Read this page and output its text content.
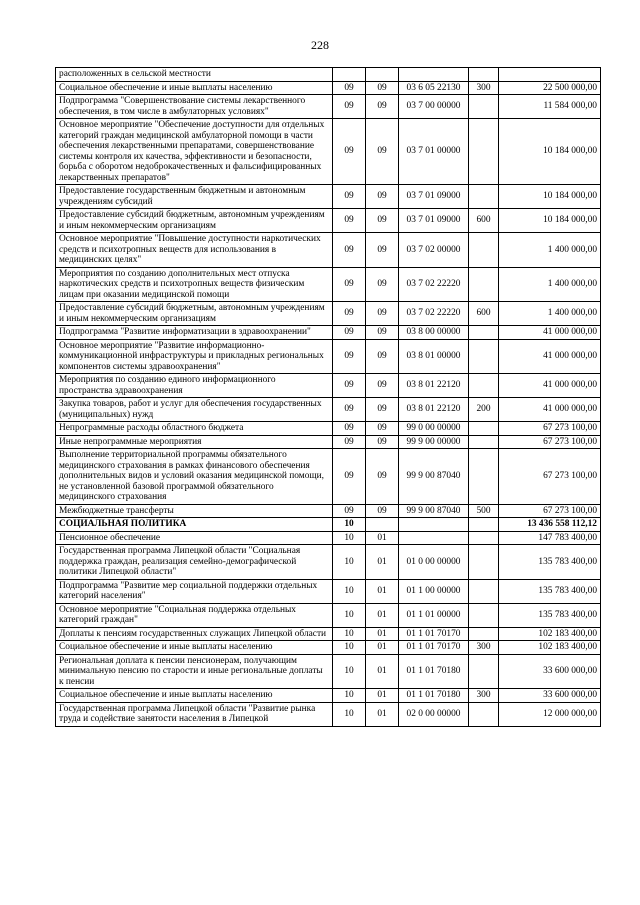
228
расположенных в сельской местности					
Социальное обеспечение и иные выплаты населению	09	09	03 6 05 22130	300	22 500 000,00
Подпрограмма "Совершенствование системы лекарственного обеспечения, в том числе в амбулаторных условиях"	09	09	03 7 00 00000		11 584 000,00
Основное мероприятие "Обеспечение доступности для отдельных категорий граждан медицинской амбулаторной помощи в части обеспечения лекарственными препаратами, совершенствование системы контроля их качества, эффективности и безопасности, борьба с оборотом недоброкачественных и фальсифицированных лекарственных препаратов"	09	09	03 7 01 00000		10 184 000,00
Предоставление государственным бюджетным и автономным учреждениям субсидий	09	09	03 7 01 09000		10 184 000,00
Предоставление субсидий бюджетным, автономным учреждениям и иным некоммерческим организациям	09	09	03 7 01 09000	600	10 184 000,00
Основное мероприятие "Повышение доступности наркотических средств и психотропных веществ для использования в медицинских целях"	09	09	03 7 02 00000		1 400 000,00
Мероприятия по созданию дополнительных мест отпуска наркотических средств и психотропных веществ физическим лицам при оказании медицинской помощи	09	09	03 7 02 22220		1 400 000,00
Предоставление субсидий бюджетным, автономным учреждениям и иным некоммерческим организациям	09	09	03 7 02 22220	600	1 400 000,00
Подпрограмма "Развитие информатизации в здравоохранении"	09	09	03 8 00 00000		41 000 000,00
Основное мероприятие "Развитие информационно-коммуникационной инфраструктуры и прикладных региональных компонентов системы здравоохранения"	09	09	03 8 01 00000		41 000 000,00
Мероприятия по созданию единого информационного пространства здравоохранения	09	09	03 8 01 22120		41 000 000,00
Закупка товаров, работ и услуг для обеспечения государственных (муниципальных) нужд	09	09	03 8 01 22120	200	41 000 000,00
Непрограммные расходы областного бюджета	09	09	99 0 00 00000		67 273 100,00
Иные непрограммные мероприятия	09	09	99 9 00 00000		67 273 100,00
Выполнение территориальной программы обязательного медицинского страхования в рамках финансового обеспечения дополнительных видов и условий оказания медицинской помощи, не установленной базовой программой обязательного медицинского страхования	09	09	99 9 00 87040		67 273 100,00
Межбюджетные трансферты	09	09	99 9 00 87040	500	67 273 100,00
СОЦИАЛЬНАЯ ПОЛИТИКА	10				13 436 558 112,12
Пенсионное обеспечение	10	01			147 783 400,00
Государственная программа Липецкой области "Социальная поддержка граждан, реализация семейно-демографической политики Липецкой области"	10	01	01 0 00 00000		135 783 400,00
Подпрограмма "Развитие мер социальной поддержки отдельных категорий населения"	10	01	01 1 00 00000		135 783 400,00
Основное мероприятие "Социальная поддержка отдельных категорий граждан"	10	01	01 1 01 00000		135 783 400,00
Доплаты к пенсиям государственных служащих Липецкой области	10	01	01 1 01 70170		102 183 400,00
Социальное обеспечение и иные выплаты населению	10	01	01 1 01 70170	300	102 183 400,00
Региональная доплата к пенсии пенсионерам, получающим минимальную пенсию по старости и иные региональные доплаты к пенсии	10	01	01 1 01 70180		33 600 000,00
Социальное обеспечение и иные выплаты населению	10	01	01 1 01 70180	300	33 600 000,00
Государственная программа Липецкой области "Развитие рынка труда и содействие занятости населения в Липецкой	10	01	02 0 00 00000		12 000 000,00
